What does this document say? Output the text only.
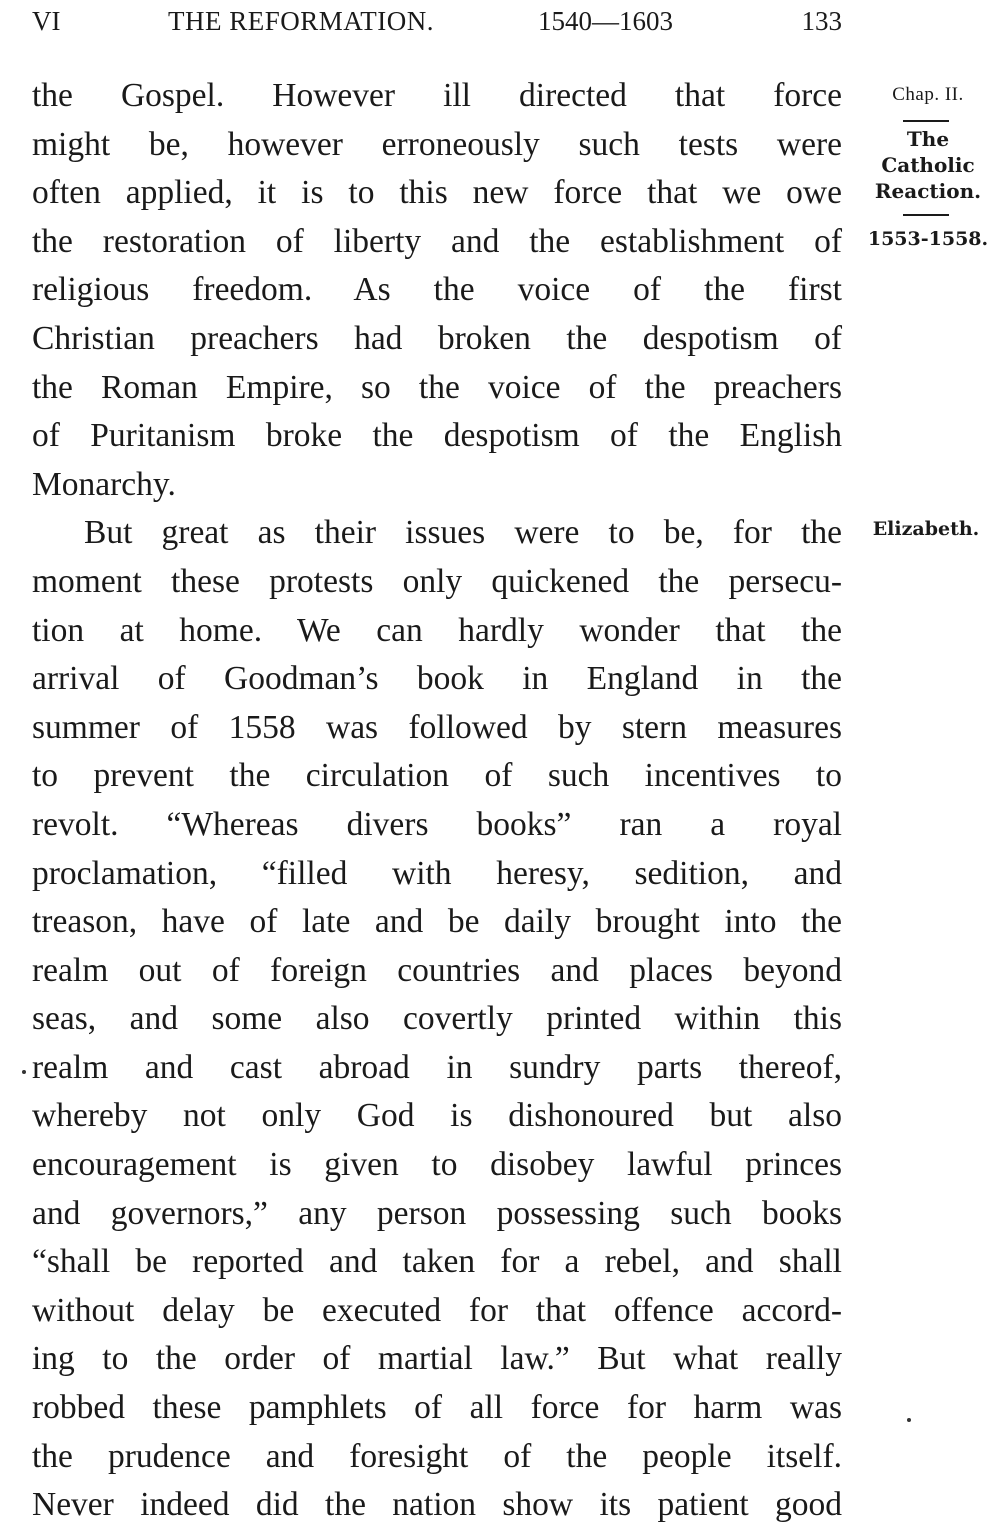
VI	THE REFORMATION.	1540—1603	133
the Gospel. However ill directed that force
might be, however erroneously such tests were
often applied, it is to this new force that we owe
the restoration of liberty and the establishment of
religious freedom. As the voice of the first
Christian preachers had broken the despotism of
the Roman Empire, so the voice of the preachers
of Puritanism broke the despotism of the English
Monarchy.
But great as their issues were to be, for the
moment these protests only quickened the persecu-
tion at home. We can hardly wonder that the
arrival of Goodman’s book in England in the
summer of 1558 was followed by stern measures
to prevent the circulation of such incentives to
revolt. “Whereas divers books” ran a royal
proclamation, “filled with heresy, sedition, and
treason, have of late and be daily brought into the
realm out of foreign countries and places beyond
seas, and some also covertly printed within this
realm and cast abroad in sundry parts thereof,
whereby not only God is dishonoured but also
encouragement is given to disobey lawful princes
and governors,” any person possessing such books
“shall be reported and taken for a rebel, and shall
without delay be executed for that offence accord-
ing to the order of martial law.” But what really
robbed these pamphlets of all force for harm was
the prudence and foresight of the people itself.
Never indeed did the nation show its patient good
Chap. II.
The
Catholic
Reaction.
1553-1558.
Elizabeth.
